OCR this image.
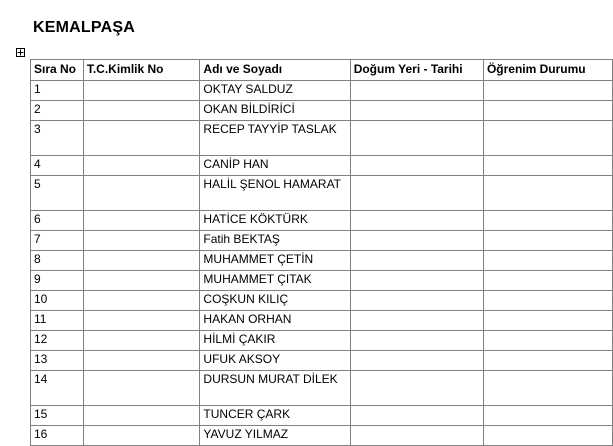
KEMALPAŞA
Sıra No	T.C.Kimlik No	Adı ve Soyadı	Doğum Yeri - Tarihi	Öğrenim Durumu
1		OKTAY SALDUZ		
2		OKAN BİLDİRİCİ		
3		RECEP TAYYİP TASLAK		
4		CANİP HAN		
5		HALİL ŞENOL HAMARAT		
6		HATİCE KÖKTÜRK		
7		Fatih BEKTAŞ		
8		MUHAMMET ÇETİN		
9		MUHAMMET ÇITAK		
10		COŞKUN KILIÇ		
11		HAKAN ORHAN		
12		HİLMİ ÇAKIR		
13		UFUK AKSOY		
14		DURSUN MURAT DİLEK		
15		TUNCER ÇARK		
16		YAVUZ YILMAZ		
